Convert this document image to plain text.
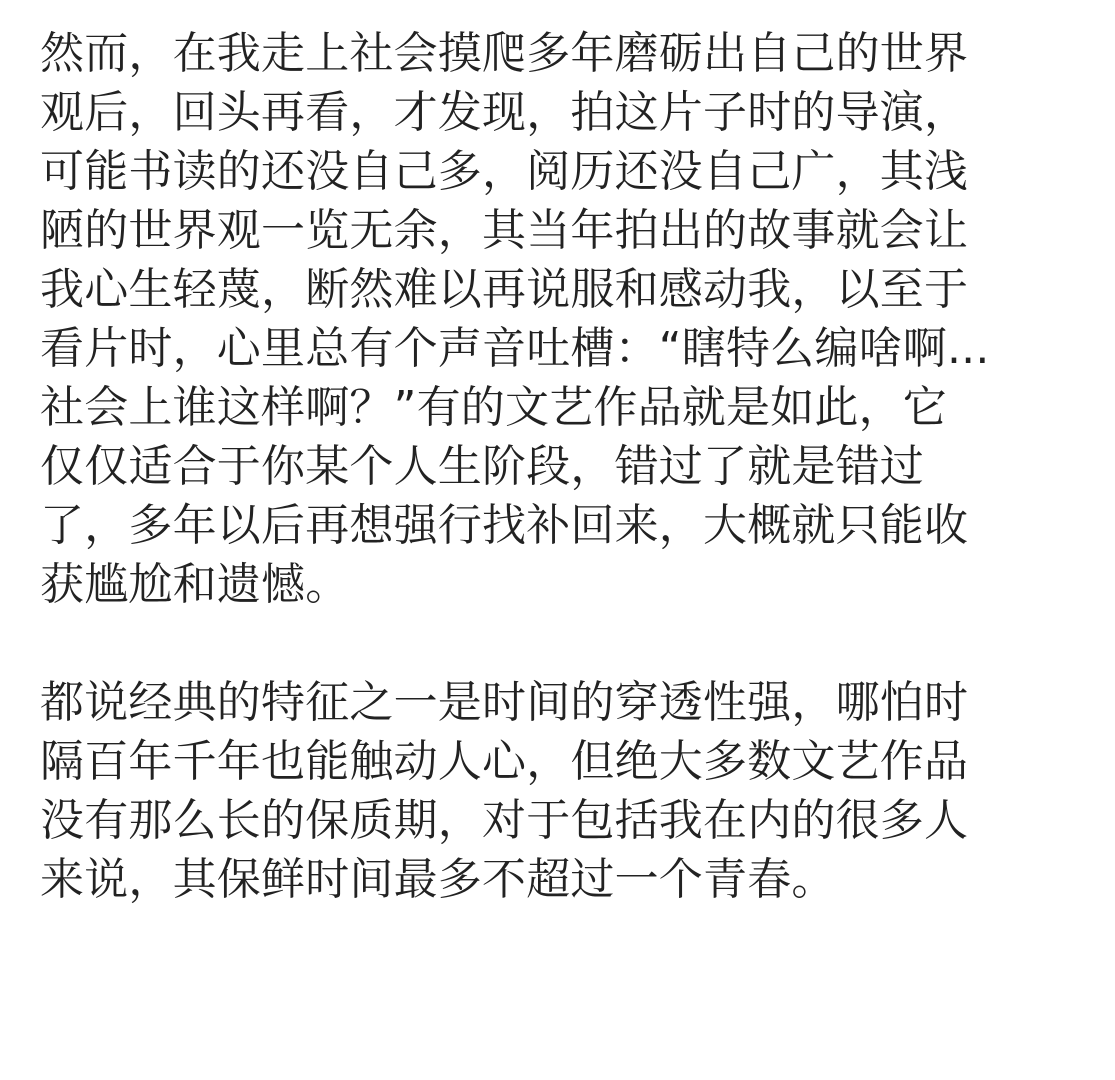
然而，在我走上社会摸爬多年磨砺出自己的世界
观后，回头再看，才发现，拍这片子时的导演，
可能书读的还没自己多，阅历还没自己广，其浅
陋的世界观一览无余，其当年拍出的故事就会让
我心生轻蔑，断然难以再说服和感动我，以至于
看片时，心里总有个声音吐槽：“瞎特么编啥啊...
社会上谁这样啊？”有的文艺作品就是如此，它
仅仅适合于你某个人生阶段，错过了就是错过
了，多年以后再想强行找补回来，大概就只能收
获尴尬和遗憾。

都说经典的特征之一是时间的穿透性强，哪怕时
隔百年千年也能触动人心，但绝大多数文艺作品
没有那么长的保质期，对于包括我在内的很多人
来说，其保鲜时间最多不超过一个青春。
